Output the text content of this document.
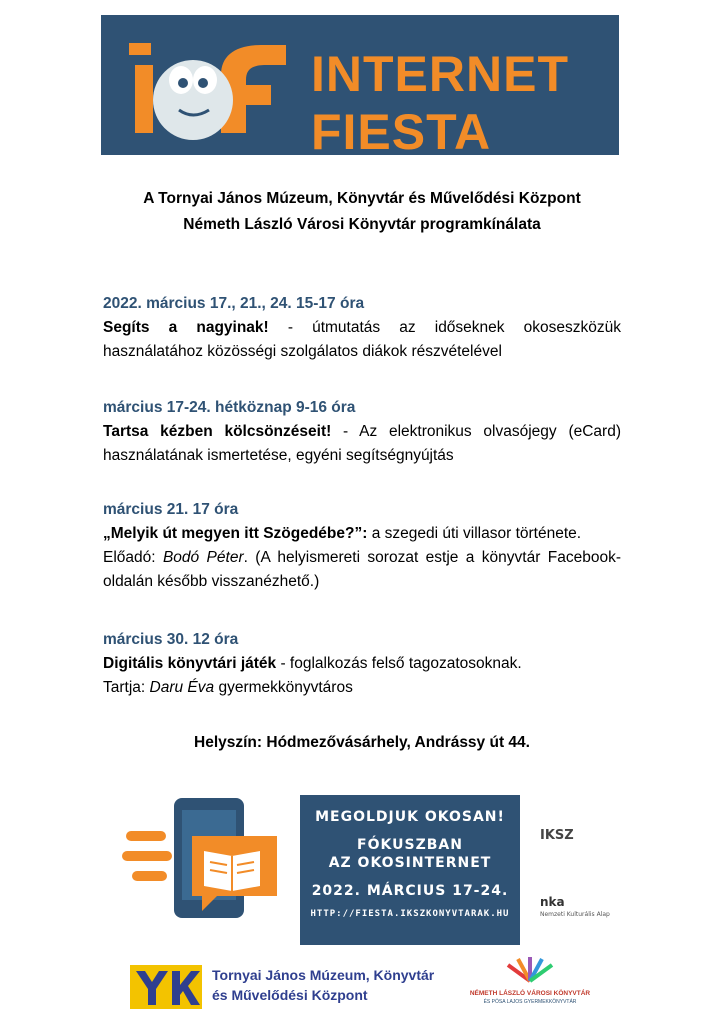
INTERNET FIESTA
A Tornyai János Múzeum, Könyvtár és Művelődési Központ
Németh László Városi Könyvtár programkínálata
2022. március 17., 21., 24. 15-17 óra
Segíts a nagyinak! - útmutatás az időseknek okoseszközük használatához közösségi szolgálatos diákok részvételével
március 17-24. hétköznap 9-16 óra
Tartsa kézben kölcsönzéseit! - Az elektronikus olvasójegy (eCard) használatának ismertetése, egyéni segítségnyújtás
március 21. 17 óra
„Melyik út megyen itt Szögedébe?”: a szegedi úti villasor története.
Előadó: Bodó Péter. (A helyismereti sorozat estje a könyvtár Facebook-oldalán később visszanézhető.)
március 30. 12 óra
Digitális könyvtári játék - foglalkozás felső tagozatosoknak.
Tartja: Daru Éva gyermekkönyvtáros
Helyszín: Hódmezővásárhely, Andrássy út 44.
MEGOLDJUK OKOSAN!
FÓKUSZBAN
AZ OKOSINTERNET
2022. MÁRCIUS 17-24.
HTTP://FIESTA.IKSZKONYVTARAK.HU
IKSZ
nka
Nemzeti Kulturális Alap
Tornyai János Múzeum, Könyvtár
és Művelődési Központ	NÉMETH LÁSZLÓ VÁROSI KÖNYVTÁR
ÉS PÓSA LAJOS GYERMEKKÖNYVTÁR
